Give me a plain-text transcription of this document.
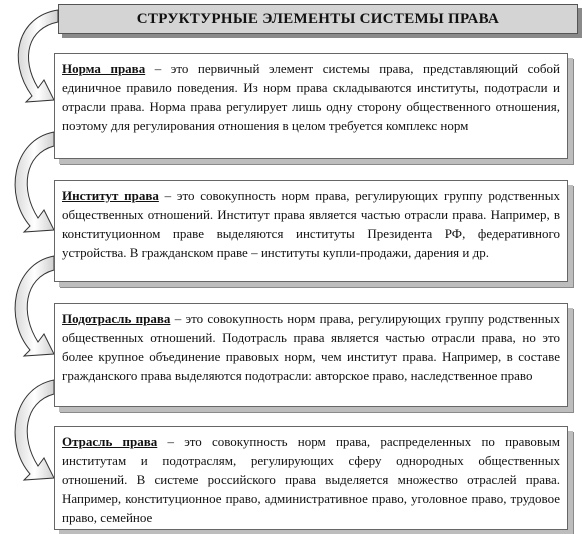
СТРУКТУРНЫЕ ЭЛЕМЕНТЫ СИСТЕМЫ ПРАВА
Норма права – это первичный элемент системы права, представляющий собой единичное правило поведения. Из норм права складываются институты, подотрасли и отрасли права. Норма права регулирует лишь одну сторону общественного отношения, поэтому для регулирования отношения в целом требуется комплекс норм
Институт права – это совокупность норм права, регулирующих группу родственных общественных отношений. Институт права является частью отрасли права. Например, в конституционном праве выделяются институты Президента РФ, федеративного устройства. В гражданском праве – институты купли-продажи, дарения и др.
Подотрасль права – это совокупность норм права, регулирующих группу родственных общественных отношений. Подотрасль права является частью отрасли права, но это более крупное объединение правовых норм, чем институт права. Например, в составе гражданского права выделяются подотрасли: авторское право, наследственное право
Отрасль права – это совокупность норм права, распределенных по правовым институтам и подотраслям, регулирующих сферу однородных общественных отношений. В системе российского права выделяется множество отраслей права. Например, конституционное право, административное право, уголовное право, трудовое право, семейное
